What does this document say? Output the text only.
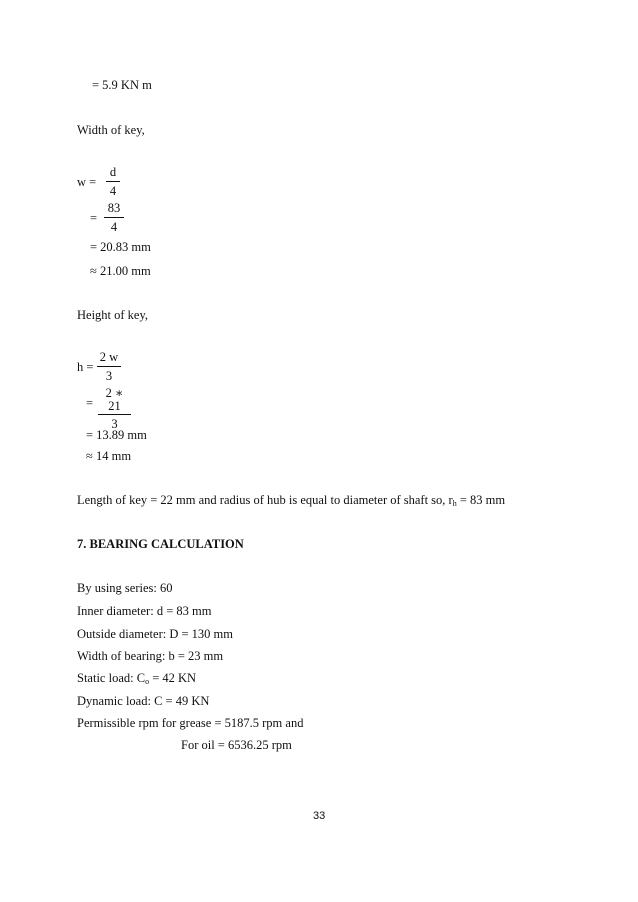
= 5.9 KN m
Width of key,
$w = \frac{d}{4}$
= $\frac{83}{4}$
= 20.83 mm
≈ 21.00 mm
Height of key,
$h = \frac{2 w}{3}$
= $\frac{2 ∗ 21}{3}$
= 13.89 mm
≈ 14 mm
Length of key = 22 mm and radius of hub is equal to diameter of shaft so, $r_h = 83$ mm
7. BEARING CALCULATION
By using series: 60
Inner diameter: d = 83 mm
Outside diameter: D = 130 mm
Width of bearing: b = 23 mm
Static load: $C_o = 42$ KN
Dynamic load: C = 49 KN
Permissible rpm for grease = 5187.5 rpm and
For oil = 6536.25 rpm
33
